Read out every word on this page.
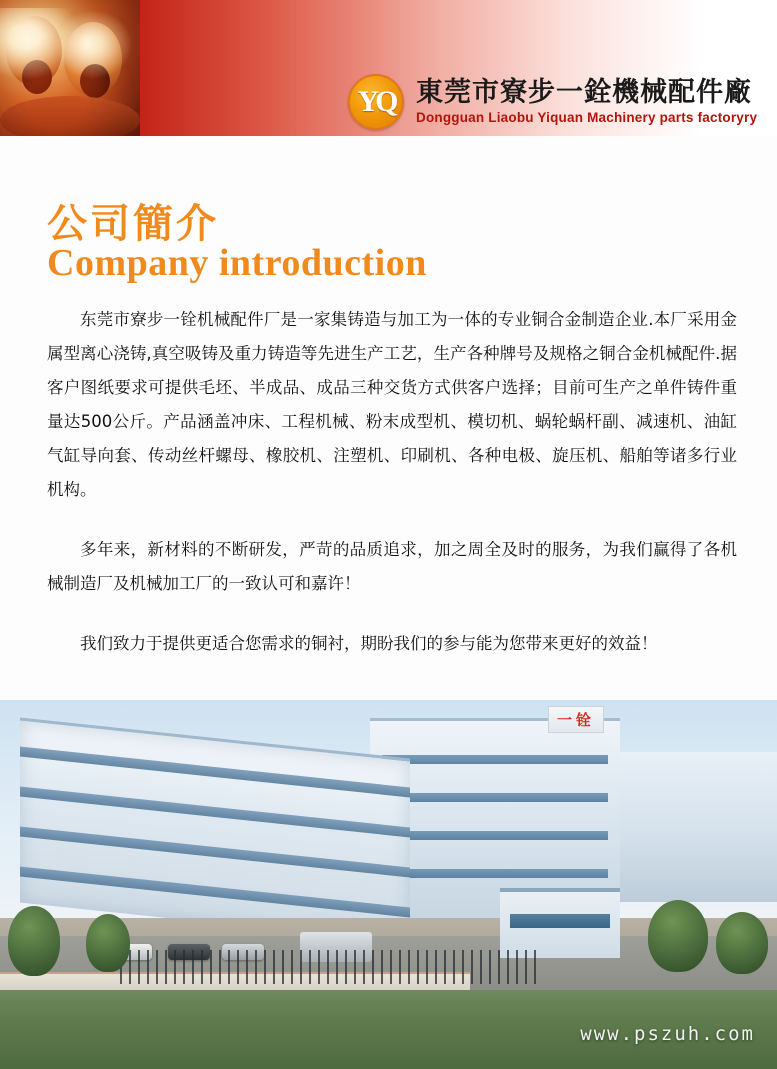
YQ 東莞市寮步一銓機械配件廠
Dongguan Liaobu Yiquan Machinery parts factoryry
公司簡介
Company introduction

东莞市寮步一铨机械配件厂是一家集铸造与加工为一体的专业铜合金制造企业.本厂采用金属型离心浇铸,真空吸铸及重力铸造等先进生产工艺，生产各种牌号及规格之铜合金机械配件.据客户图纸要求可提供毛坯、半成品、成品三种交货方式供客户选择；目前可生产之单件铸件重量达500公斤。产品涵盖冲床、工程机械、粉末成型机、模切机、蜗轮蜗杆副、减速机、油缸气缸导向套、传动丝杆螺母、橡胶机、注塑机、印刷机、各种电极、旋压机、船舶等诸多行业机构。

多年来，新材料的不断研发，严苛的品质追求，加之周全及时的服务，为我们赢得了各机械制造厂及机械加工厂的一致认可和嘉许！

我们致力于提供更适合您需求的铜衬，期盼我们的参与能为您带来更好的效益！

一铨
www.pszuh.com
